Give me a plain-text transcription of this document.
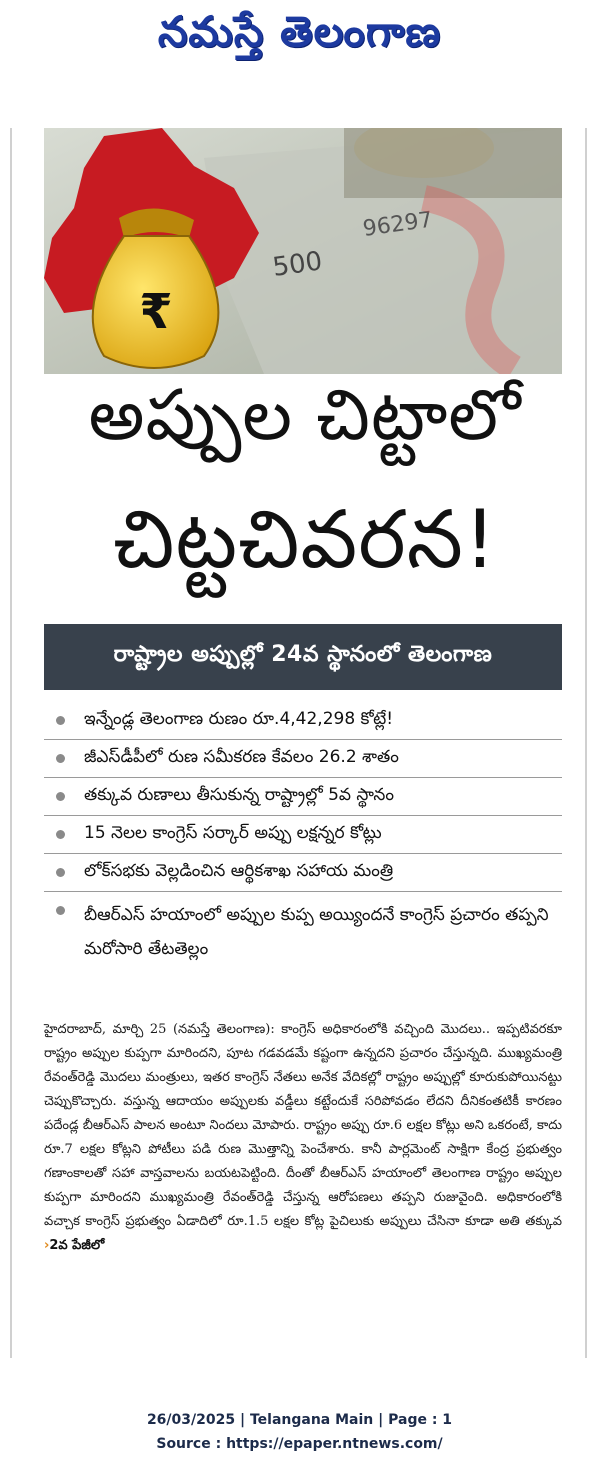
నమస్తే తెలంగాణ
96297
500
₹
అప్పుల చిట్టాలో
చిట్టచివరన!
రాష్ట్రాల అప్పుల్లో 24వ స్థానంలో తెలంగాణ
ఇన్నేండ్ల తెలంగాణ రుణం రూ.4,42,298 కోట్లే!
జీఎస్‌డీపీలో రుణ సమీకరణ కేవలం 26.2 శాతం
తక్కువ రుణాలు తీసుకున్న రాష్ట్రాల్లో 5వ స్థానం
15 నెలల కాంగ్రెస్ సర్కార్ అప్పు లక్షన్నర కోట్లు
లోక్‌సభకు వెల్లడించిన ఆర్థికశాఖ సహాయ మంత్రి
బీఆర్ఎస్ హయాంలో అప్పుల కుప్ప అయ్యిందనే కాంగ్రెస్ ప్రచారం తప్పని మరోసారి తేటతెల్లం
హైదరాబాద్, మార్చి 25 (నమస్తే తెలంగాణ): కాంగ్రెస్ అధికారంలోకి వచ్చింది మొదలు.. ఇప్పటివరకూ రాష్ట్రం అప్పుల కుప్పగా మారిందని, పూట గడవడమే కష్టంగా ఉన్నదని ప్రచారం చేస్తున్నది. ముఖ్యమంత్రి రేవంత్‌రెడ్డి మొదలు మంత్రులు, ఇతర కాంగ్రెస్ నేతలు అనేక వేదికల్లో రాష్ట్రం అప్పుల్లో కూరుకుపోయినట్టు చెప్పుకొచ్చారు. వస్తున్న ఆదాయం అప్పులకు వడ్డీలు కట్టేందుకే సరిపోవడం లేదని దీనికంతటికీ కారణం పదేండ్ల బీఆర్ఎస్ పాలన అంటూ నిందలు మోపారు. రాష్ట్రం అప్పు రూ.6 లక్షల కోట్లు అని ఒకరంటే, కాదు రూ.7 లక్షల కోట్లని పోటీలు పడి రుణ మొత్తాన్ని పెంచేశారు. కానీ పార్లమెంట్ సాక్షిగా కేంద్ర ప్రభుత్వం గణాంకాలతో సహా వాస్తవాలను బయటపెట్టింది. దీంతో బీఆర్ఎస్ హయాంలో తెలంగాణ రాష్ట్రం అప్పుల కుప్పగా మారిందని ముఖ్యమంత్రి రేవంత్‌రెడ్డి చేస్తున్న ఆరోపణలు తప్పని రుజువైంది. అధికారంలోకి వచ్చాక కాంగ్రెస్ ప్రభుత్వం ఏడాదిలో రూ.1.5 లక్షల కోట్ల పైచిలుకు అప్పులు చేసినా కూడా అతి తక్కువ ›2వ పేజీలో
26/03/2025 | Telangana Main | Page : 1
Source : https://epaper.ntnews.com/
